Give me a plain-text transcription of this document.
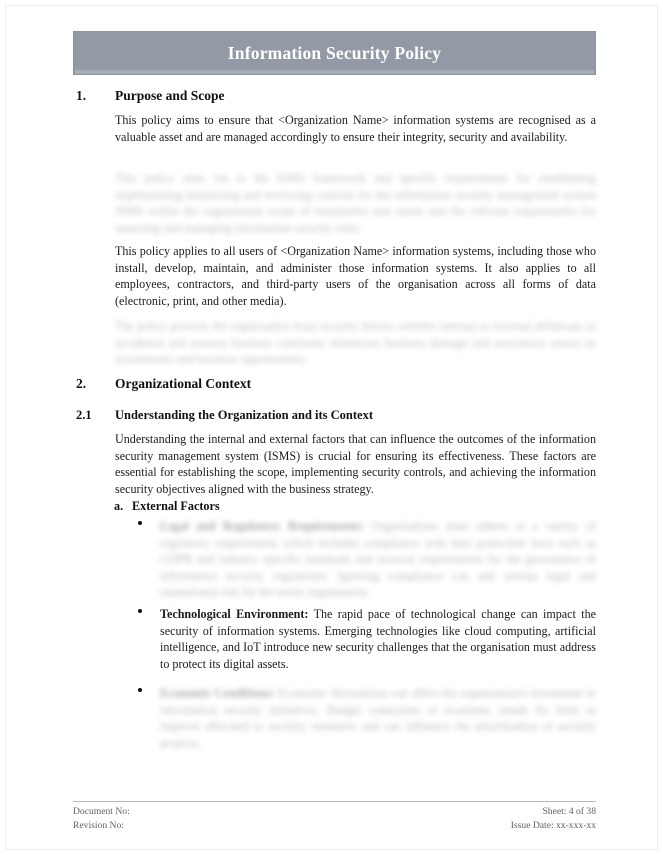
Information Security Policy
1. Purpose and Scope
This policy aims to ensure that <Organization Name> information systems are recognised as a valuable asset and are managed accordingly to ensure their integrity, security and availability.
This policy aims out to the ISMS framework and specific requirements for establishing implementing monitoring and reviewing controls for the information security management system ISMS within the organisation scope of boundaries and assets and the relevant requirements for assessing and managing information security risks.
This policy applies to all users of <Organization Name> information systems, including those who install, develop, maintain, and administer those information systems. It also applies to all employees, contractors, and third-party users of the organisation across all forms of data (electronic, print, and other media).
The policy protects the organisation from security threats whether internal or external deliberate or accidental and ensures business continuity minimises business damage and maximises return on investments and business opportunities.
2. Organizational Context
2.1 Understanding the Organization and its Context
Understanding the internal and external factors that can influence the outcomes of the information security management system (ISMS) is crucial for ensuring its effectiveness. These factors are essential for establishing the scope, implementing security controls, and achieving the information security objectives aligned with the business strategy.
a. External Factors
Legal and Regulatory Requirements: Organisations must adhere to a variety of regulatory requirements which includes compliance with data protection laws such as GDPR and industry specific standards and sectoral requirements for the governance of information security regulations. Ignoring compliance can add serious legal and reputational risk for the entire organisation.
Technological Environment: The rapid pace of technological change can impact the security of information systems. Emerging technologies like cloud computing, artificial intelligence, and IoT introduce new security challenges that the organisation must address to protect its digital assets.
Economic Conditions: Economic fluctuations can affect the organisation's investment in information security initiatives. Budget constraints or economic trends for limit or improve allocated to security measures and can influence the prioritisation of security projects.
Document No:	Sheet: 4 of 38
Revision No:	Issue Date: xx-xxx-xx
